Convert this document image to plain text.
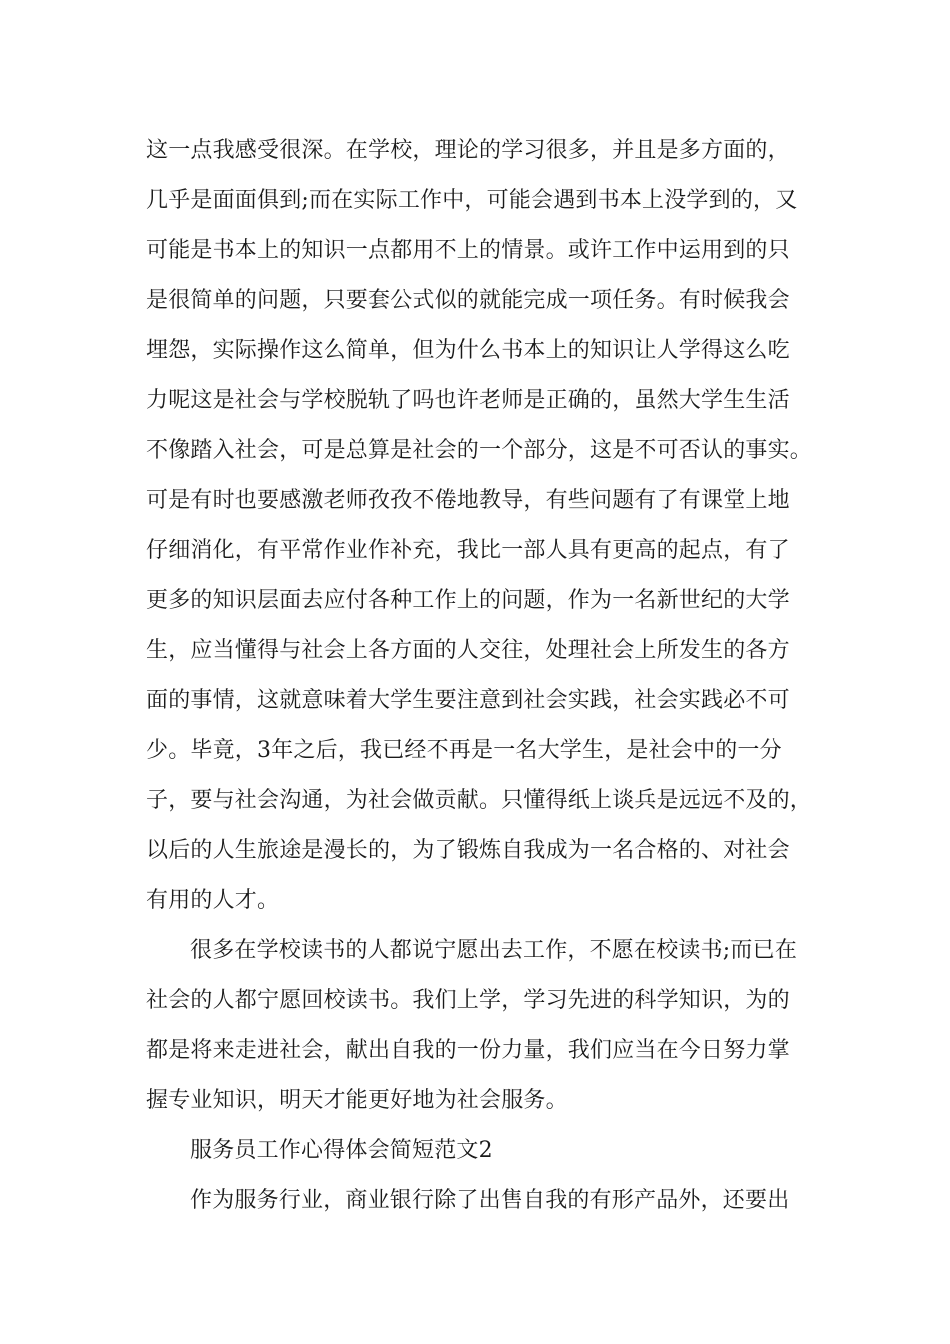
这一点我感受很深。在学校，理论的学习很多，并且是多方面的，
几乎是面面俱到;而在实际工作中，可能会遇到书本上没学到的，又
可能是书本上的知识一点都用不上的情景。或许工作中运用到的只
是很简单的问题，只要套公式似的就能完成一项任务。有时候我会
埋怨，实际操作这么简单，但为什么书本上的知识让人学得这么吃
力呢这是社会与学校脱轨了吗也许老师是正确的，虽然大学生生活
不像踏入社会，可是总算是社会的一个部分，这是不可否认的事实。
可是有时也要感激老师孜孜不倦地教导，有些问题有了有课堂上地
仔细消化，有平常作业作补充，我比一部人具有更高的起点，有了
更多的知识层面去应付各种工作上的问题，作为一名新世纪的大学
生，应当懂得与社会上各方面的人交往，处理社会上所发生的各方
面的事情，这就意味着大学生要注意到社会实践，社会实践必不可
少。毕竟，3年之后，我已经不再是一名大学生，是社会中的一分
子，要与社会沟通，为社会做贡献。只懂得纸上谈兵是远远不及的，
以后的人生旅途是漫长的，为了锻炼自我成为一名合格的、对社会
有用的人才。
很多在学校读书的人都说宁愿出去工作，不愿在校读书;而已在
社会的人都宁愿回校读书。我们上学，学习先进的科学知识，为的
都是将来走进社会，献出自我的一份力量，我们应当在今日努力掌
握专业知识，明天才能更好地为社会服务。
服务员工作心得体会简短范文2
作为服务行业，商业银行除了出售自我的有形产品外，还要出
